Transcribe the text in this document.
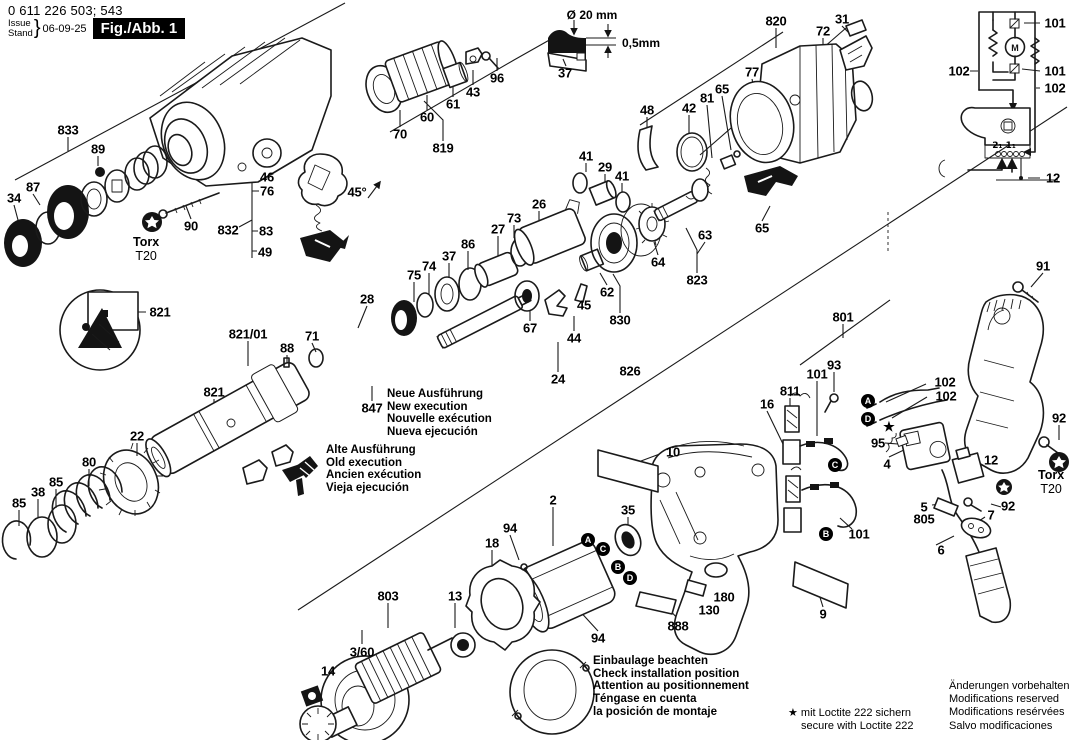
M
833
89
87
34
90 832
46
76
83
49
45°
70
60
61
43
96
819
37
27
73
26
86
37
74
75
28
41
29
41
48 42
81
65
77
820
72
31
63
64
65
62
45
830
823
67
44
24
826
88
71
821/01
821
821
847
22
80
85
38
85	2
35
94
18
13
803
3/60
14
94
888
130
180
9
10
16
811
101
93
102
102
95
4	12
5
805	7
92
101
6
91
801
92
102
101
101
102
12
A
D
C
B
A
C
B
D
★
0 611 226 503; 543
Issue
Stand } 06-09-25 Fig./Abb. 1
Ø 20 mm
0,5mm
Torx
T20
Torx
T20
Neue Ausführung
New execution
Nouvelle exécution
Nueva ejecución
Alte Ausführung
Old execution
Ancien exécution
Vieja ejecución
Einbaulage beachten
Check installation position
Attention au positionnement
Téngase en cuenta
la posición de montaje	★ mit Loctite 222 sichern
secure with Loctite 222
Änderungen vorbehalten
Modifications reserved
Modifications resérvées
Salvo modificaciones
2₁ 1₁
